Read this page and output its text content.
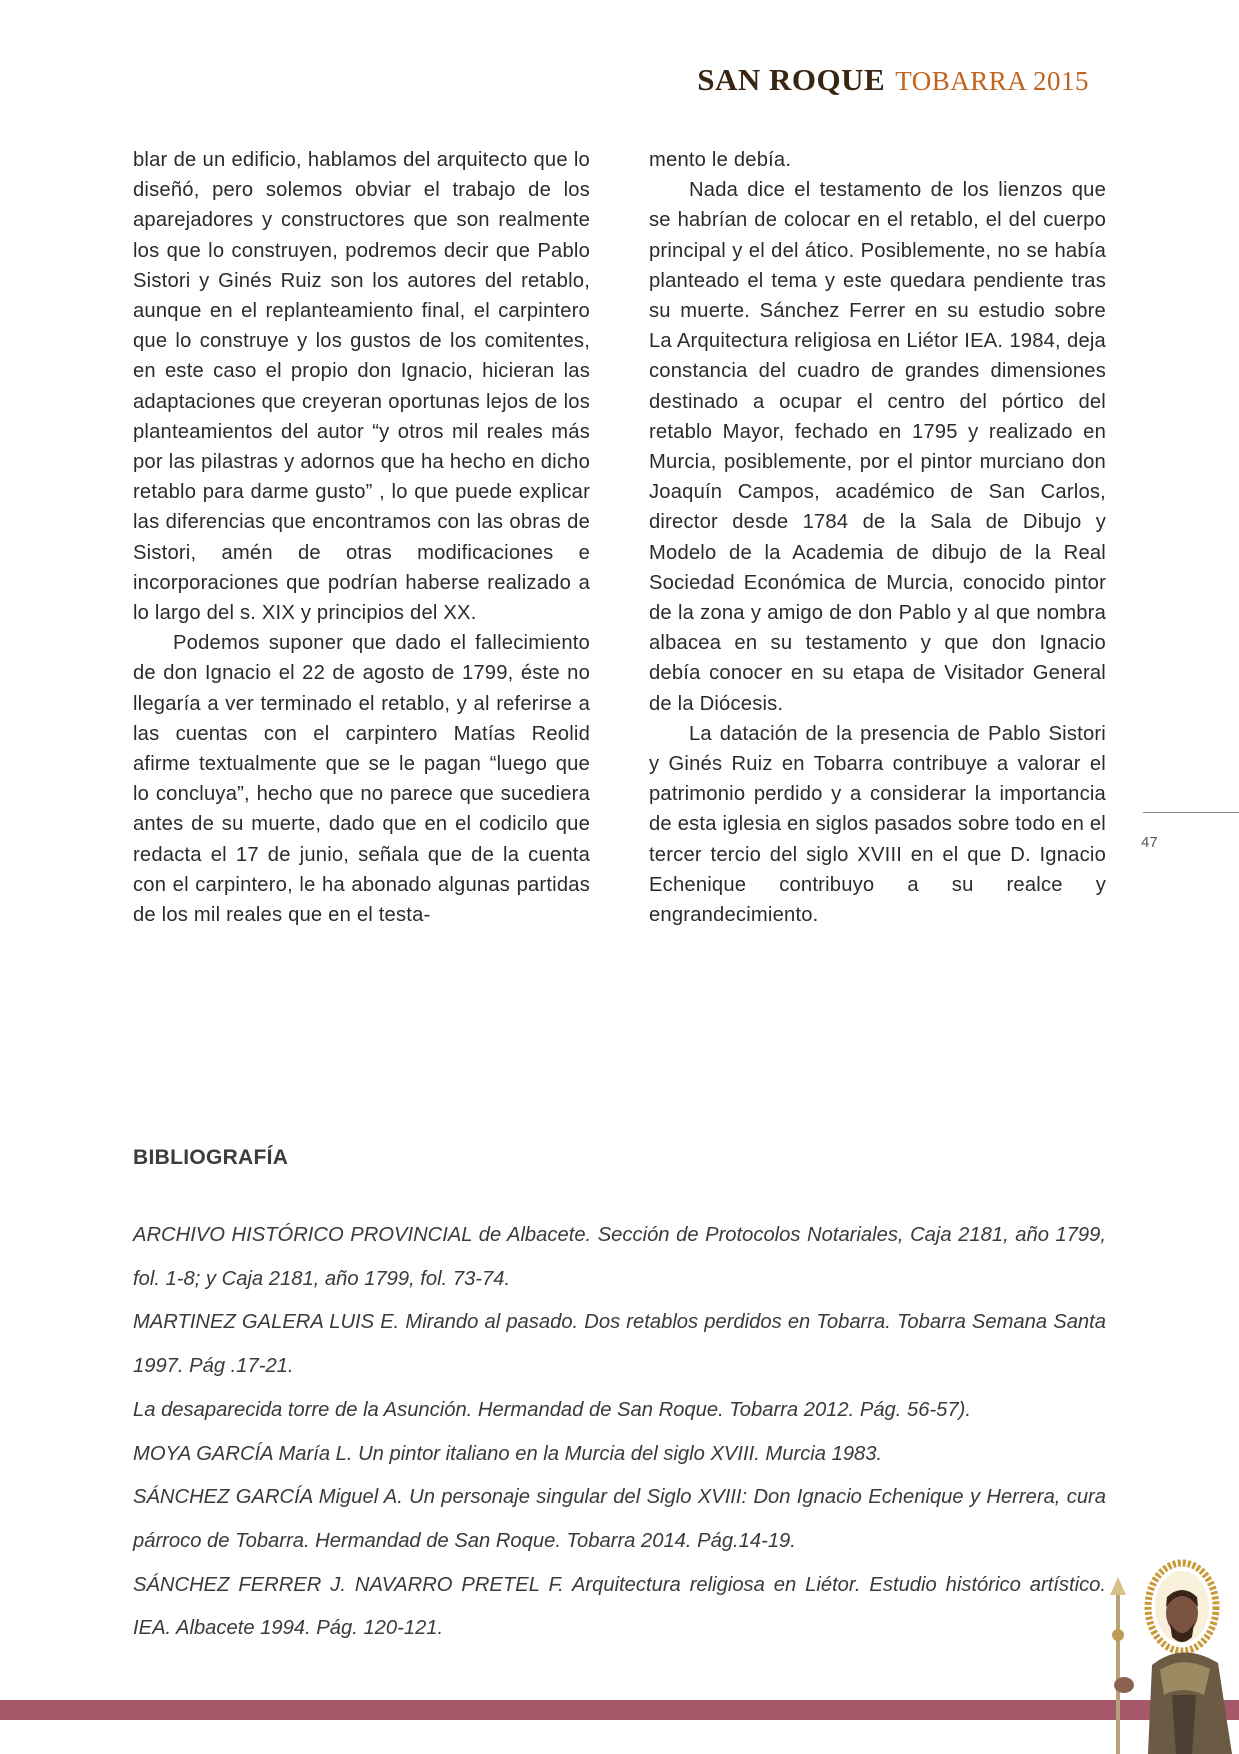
SAN ROQUE TOBARRA 2015

blar de un edificio, hablamos del arquitecto que lo diseñó, pero solemos obviar el trabajo de los aparejadores y constructores que son realmente los que lo construyen, podremos decir que Pablo Sistori y Ginés Ruiz son los autores del retablo, aunque en el replanteamiento final, el carpintero que lo construye y los gustos de los comitentes, en este caso el propio don Ignacio, hicieran las adaptaciones que creyeran oportunas lejos de los planteamientos del autor “y otros mil reales más por las pilastras y adornos que ha hecho en dicho retablo para darme gusto” , lo que puede explicar las diferencias que encontramos con las obras de Sistori, amén de otras modificaciones e incorporaciones que podrían haberse realizado a lo largo del s. XIX y principios del XX.

Podemos suponer que dado el fallecimiento de don Ignacio el 22 de agosto de 1799, éste no llegaría a ver terminado el retablo, y al referirse a las cuentas con el carpintero Matías Reolid afirme textualmente que se le pagan “luego que lo concluya”, hecho que no parece que sucediera antes de su muerte, dado que en el codicilo que redacta el 17 de junio, señala que de la cuenta con el carpintero, le ha abonado algunas partidas de los mil reales que en el testa-

mento le debía.

Nada dice el testamento de los lienzos que se habrían de colocar en el retablo, el del cuerpo principal y el del ático. Posiblemente, no se había planteado el tema y este quedara pendiente tras su muerte. Sánchez Ferrer en su estudio sobre La Arquitectura religiosa en Liétor IEA. 1984, deja constancia del cuadro de grandes dimensiones destinado a ocupar el centro del pórtico del retablo Mayor, fechado en 1795 y realizado en Murcia, posiblemente, por el pintor murciano don Joaquín Campos, académico de San Carlos, director desde 1784 de la Sala de Dibujo y Modelo de la Academia de dibujo de la Real Sociedad Económica de Murcia, conocido pintor de la zona y amigo de don Pablo y al que nombra albacea en su testamento y que don Ignacio debía conocer en su etapa de Visitador General de la Diócesis.

La datación de la presencia de Pablo Sistori y Ginés Ruiz en Tobarra contribuye a valorar el patrimonio perdido y a considerar la importancia de esta iglesia en siglos pasados sobre todo en el tercer tercio del siglo XVIII en el que D. Ignacio Echenique contribuyo a su realce y engrandecimiento.

47
BIBLIOGRAFÍA

ARCHIVO HISTÓRICO PROVINCIAL de Albacete. Sección de Protocolos Notariales, Caja 2181, año 1799, fol. 1-8; y Caja 2181, año 1799, fol. 73-74.

MARTINEZ GALERA LUIS E. Mirando al pasado. Dos retablos perdidos en Tobarra. Tobarra Semana Santa 1997. Pág .17-21.

La desaparecida torre de la Asunción. Hermandad de San Roque. Tobarra 2012. Pág. 56-57).

MOYA GARCÍA María L. Un pintor italiano en la Murcia del siglo XVIII. Murcia 1983.

SÁNCHEZ GARCÍA Miguel A. Un personaje singular del Siglo XVIII: Don Ignacio Echenique y Herrera, cura párroco de Tobarra. Hermandad de San Roque. Tobarra 2014. Pág.14-19.

SÁNCHEZ FERRER J. NAVARRO PRETEL F. Arquitectura religiosa en Liétor. Estudio histórico artístico. IEA. Albacete 1994. Pág. 120-121.
